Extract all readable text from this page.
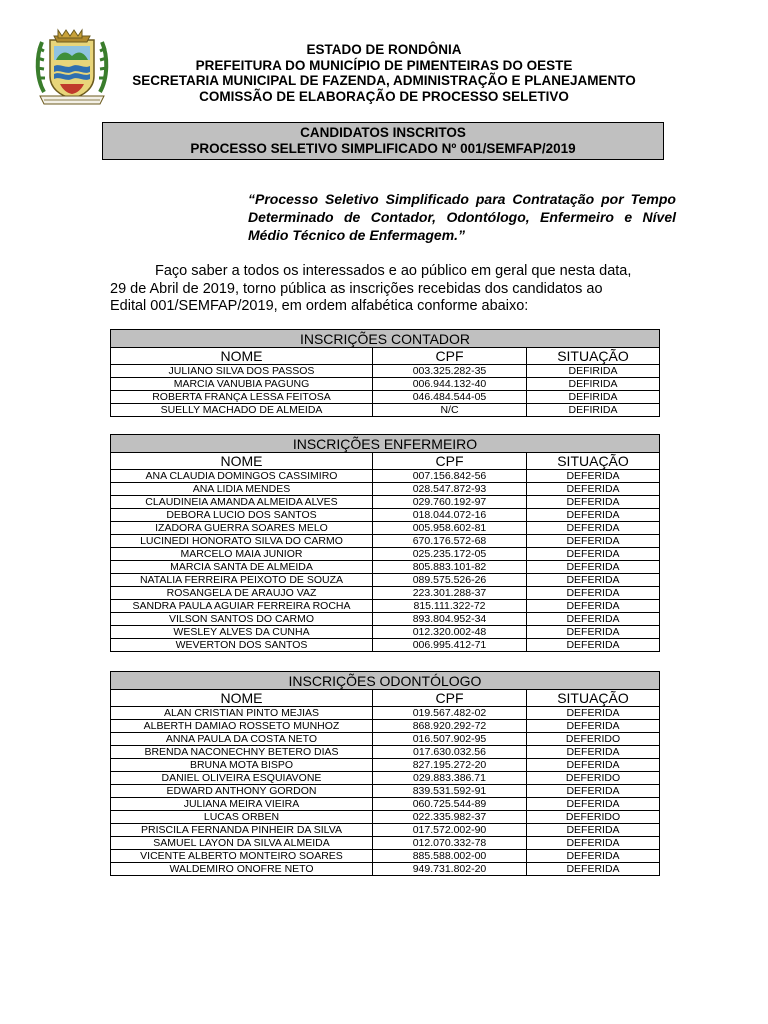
ESTADO DE RONDÔNIA
PREFEITURA DO MUNICÍPIO DE PIMENTEIRAS DO OESTE
SECRETARIA MUNICIPAL DE FAZENDA, ADMINISTRAÇÃO E PLANEJAMENTO
COMISSÃO DE ELABORAÇÃO DE PROCESSO SELETIVO
CANDIDATOS INSCRITOS
PROCESSO SELETIVO SIMPLIFICADO Nº 001/SEMFAP/2019
“Processo Seletivo Simplificado para Contratação por Tempo Determinado de Contador, Odontólogo, Enfermeiro e Nível Médio Técnico de Enfermagem.”
Faço saber a todos os interessados e ao público em geral que nesta data,
29 de Abril de 2019, torno pública as inscrições recebidas dos candidatos ao
Edital 001/SEMFAP/2019, em ordem alfabética conforme abaixo:
INSCRIÇÕES CONTADOR		
NOME	CPF	SITUAÇÃO
JULIANO SILVA DOS PASSOS	003.325.282-35	DEFIRIDA
MARCIA VANUBIA PAGUNG	006.944.132-40	DEFIRIDA
ROBERTA FRANÇA LESSA FEITOSA	046.484.544-05	DEFIRIDA
SUELLY MACHADO DE ALMEIDA	N/C	DEFIRIDA
INSCRIÇÕES ENFERMEIRO		
NOME	CPF	SITUAÇÃO
ANA CLAUDIA DOMINGOS CASSIMIRO	007.156.842-56	DEFERIDA
ANA LIDIA MENDES	028.547.872-93	DEFERIDA
CLAUDINEIA AMANDA ALMEIDA ALVES	029.760.192-97	DEFERIDA
DEBORA LUCIO DOS SANTOS	018.044.072-16	DEFERIDA
IZADORA GUERRA SOARES MELO	005.958.602-81	DEFERIDA
LUCINEDI HONORATO SILVA DO CARMO	670.176.572-68	DEFERIDA
MARCELO MAIA JUNIOR	025.235.172-05	DEFERIDA
MARCIA SANTA DE ALMEIDA	805.883.101-82	DEFERIDA
NATALIA FERREIRA PEIXOTO DE SOUZA	089.575.526-26	DEFERIDA
ROSANGELA DE ARAUJO VAZ	223.301.288-37	DEFERIDA
SANDRA PAULA AGUIAR FERREIRA ROCHA	815.111.322-72	DEFERIDA
VILSON SANTOS DO CARMO	893.804.952-34	DEFERIDA
WESLEY ALVES DA CUNHA	012.320.002-48	DEFERIDA
WEVERTON DOS SANTOS	006.995.412-71	DEFERIDA
INSCRIÇÕES ODONTÓLOGO		
NOME	CPF	SITUAÇÃO
ALAN CRISTIAN PINTO MEJIAS	019.567.482-02	DEFERIDA
ALBERTH DAMIAO ROSSETO MUNHOZ	868.920.292-72	DEFERIDA
ANNA PAULA DA COSTA NETO	016.507.902-95	DEFERIDO
BRENDA NACONECHNY BETERO DIAS	017.630.032.56	DEFERIDA
BRUNA MOTA BISPO	827.195.272-20	DEFERIDA
DANIEL OLIVEIRA ESQUIAVONE	029.883.386.71	DEFERIDO
EDWARD ANTHONY GORDON	839.531.592-91	DEFERIDA
JULIANA MEIRA VIEIRA	060.725.544-89	DEFERIDA
LUCAS ORBEN	022.335.982-37	DEFERIDO
PRISCILA FERNANDA PINHEIR DA SILVA	017.572.002-90	DEFERIDA
SAMUEL LAYON DA SILVA ALMEIDA	012.070.332-78	DEFERIDA
VICENTE ALBERTO MONTEIRO SOARES	885.588.002-00	DEFERIDA
WALDEMIRO ONOFRE NETO	949.731.802-20	DEFERIDA
